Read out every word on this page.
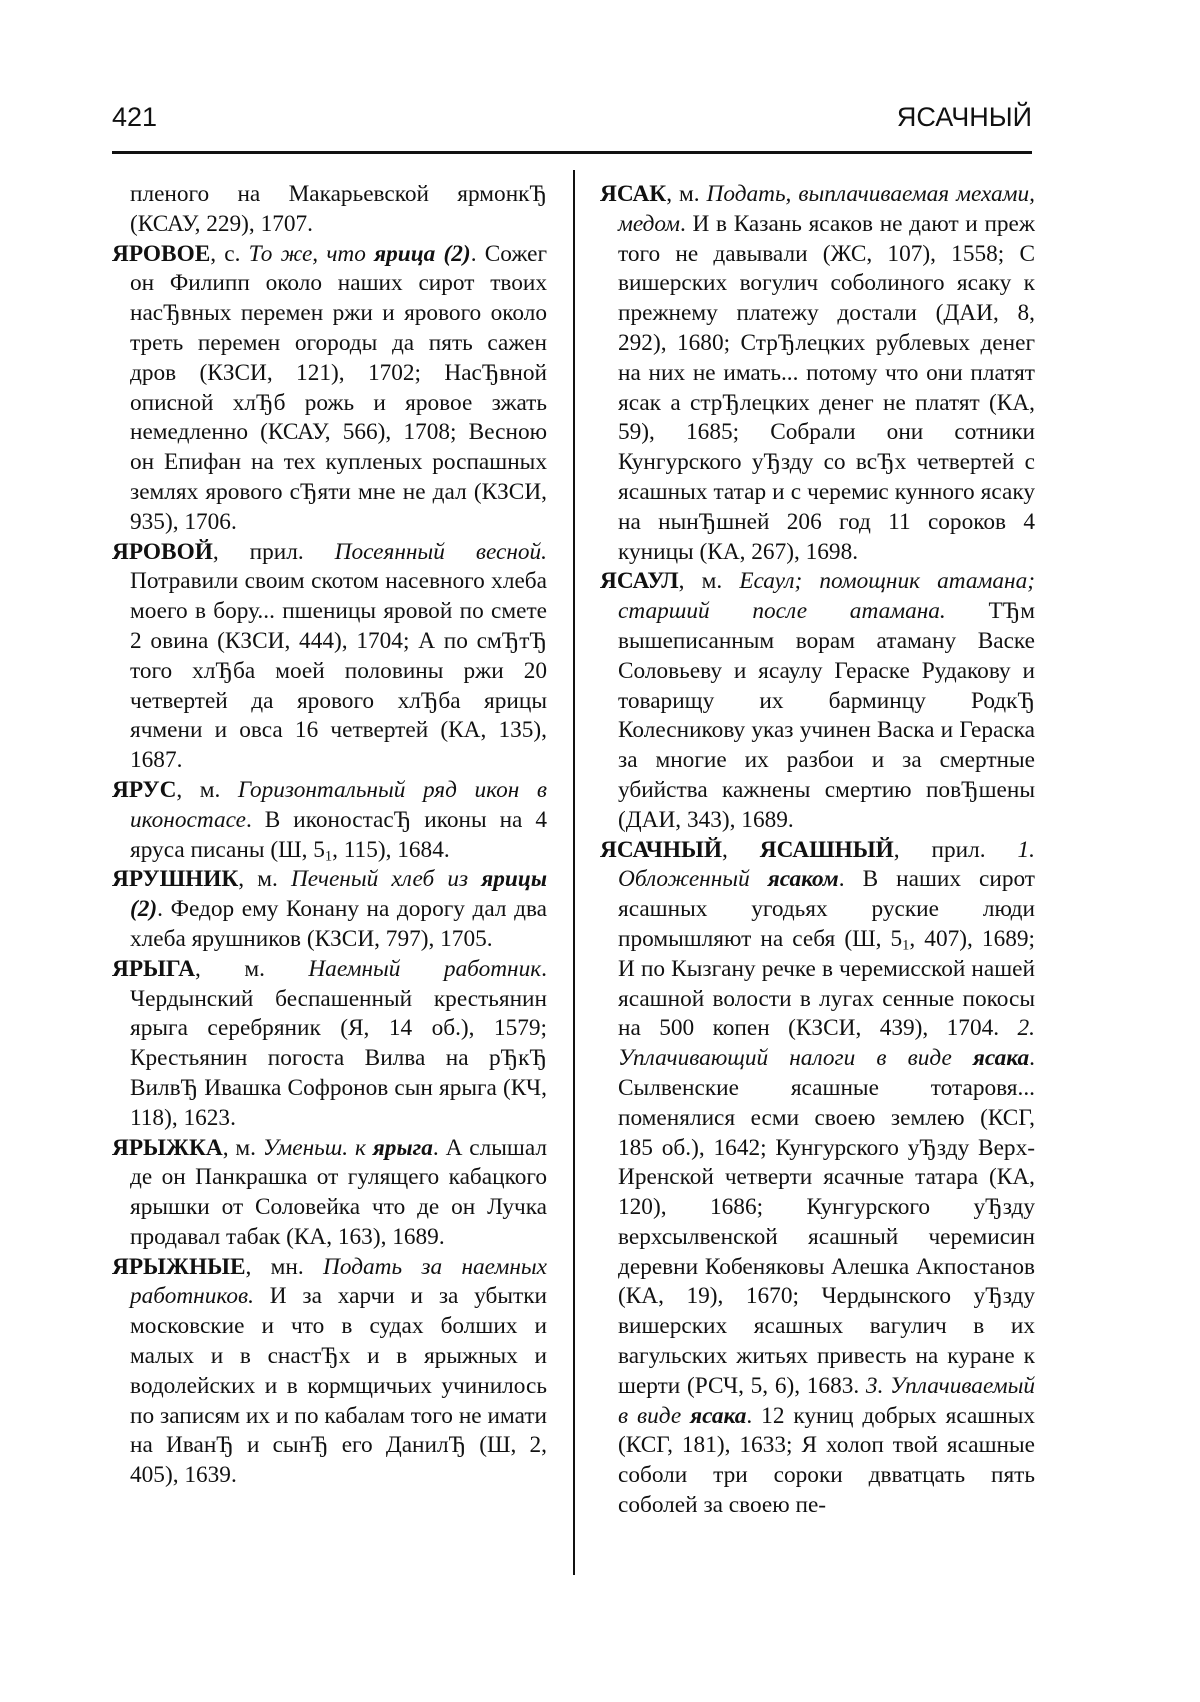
421	ЯСАЧНЫЙ

пленого на Макарьевской ярмонкЂ (КСАУ, 229), 1707.

ЯРОВОЕ, с. То же, что ярица (2). Сожег он Филипп около наших сирот твоих насЂвных перемен ржи и ярового около треть перемен огороды да пять сажен дров (КЗСИ, 121), 1702; НасЂвной описной хлЂб рожь и яровое зжать немедленно (КСАУ, 566), 1708; Весною он Епифан на тех купленых роспашных землях ярового сЂяти мне не дал (КЗСИ, 935), 1706.

ЯРОВОЙ, прил. Посеянный весной. Потравили своим скотом насевного хлеба моего в бору... пшеницы яровой по смете 2 овина (КЗСИ, 444), 1704; А по смЂтЂ того хлЂба моей половины ржи 20 четвертей да ярового хлЂба ярицы ячмени и овса 16 четвертей (КА, 135), 1687.

ЯРУС, м. Горизонтальный ряд икон в иконостасе. В иконостасЂ иконы на 4 яруса писаны (Ш, $5_1$, 115), 1684.

ЯРУШНИК, м. Печеный хлеб из ярицы (2). Федор ему Конану на дорогу дал два хлеба ярушников (КЗСИ, 797), 1705.

ЯРЫГА, м. Наемный работник. Чердынский беспашенный крестьянин ярыга серебряник (Я, 14 об.), 1579; Крестьянин погоста Вилва на рЂкЂ ВилвЂ Ивашка Софронов сын ярыга (КЧ, 118), 1623.

ЯРЫЖКА, м. Уменьш. к ярыга. А слышал де он Панкрашка от гулящего кабацкого ярышки от Соловейка что де он Лучка продавал табак (КА, 163), 1689.

ЯРЫЖНЫЕ, мн. Подать за наемных работников. И за харчи и за убытки московские и что в судах болших и малых и в снастЂх и в ярыжных и водолейских и в кормщичьих учинилось по записям их и по кабалам того не имати на ИванЂ и сынЂ его ДанилЂ (Ш, 2, 405), 1639.

ЯСАК, м. Подать, выплачиваемая мехами, медом. И в Казань ясаков не дают и преж того не давывали (ЖС, 107), 1558; С вишерских вогулич соболиного ясаку к прежнему платежу достали (ДАИ, 8, 292), 1680; СтрЂлецких рублевых денег на них не имать... потому что они платят ясак а стрЂлецких денег не платят (КА, 59), 1685; Собрали они сотники Кунгурского уЂзду со всЂх четвертей с ясашных татар и с черемис кунного ясаку на нынЂшней 206 год 11 сороков 4 куницы (КА, 267), 1698.

ЯСАУЛ, м. Есаул; помощник атамана; старший после атамана. ТЂм вышеписанным ворам атаману Васке Соловьеву и ясаулу Гераске Рудакову и товарищу их барминцу РодкЂ Колесникову указ учинен Васка и Гераска за многие их разбои и за смертные убийства кажнены смертию повЂшены (ДАИ, 343), 1689.

ЯСАЧНЫЙ, ЯСАШНЫЙ, прил. 1. Обложенный ясаком. В наших сирот ясашных угодьях руские люди промышляют на себя (Ш, $5_1$, 407), 1689; И по Кызгану речке в черемисской нашей ясашной волости в лугах сенные покосы на 500 копен (КЗСИ, 439), 1704. 2. Уплачивающий налоги в виде ясака. Сылвенские ясашные тотаровя... поменялися есми своею землею (КСГ, 185 об.), 1642; Кунгурского уЂзду Верх-Иренской четверти ясачные татара (КА, 120), 1686; Кунгурского уЂзду верхсылвенской ясашный черемисин деревни Кобеняковы Алешка Акпостанов (КА, 19), 1670; Чердынского уЂзду вишерских ясашных вагулич в их вагульских житьях привесть на куране к шерти (РСЧ, 5, 6), 1683. 3. Уплачиваемый в виде ясака. 12 куниц добрых ясашных (КСГ, 181), 1633; Я холоп твой ясашные соболи три сороки двватцать пять соболей за своею пе-
